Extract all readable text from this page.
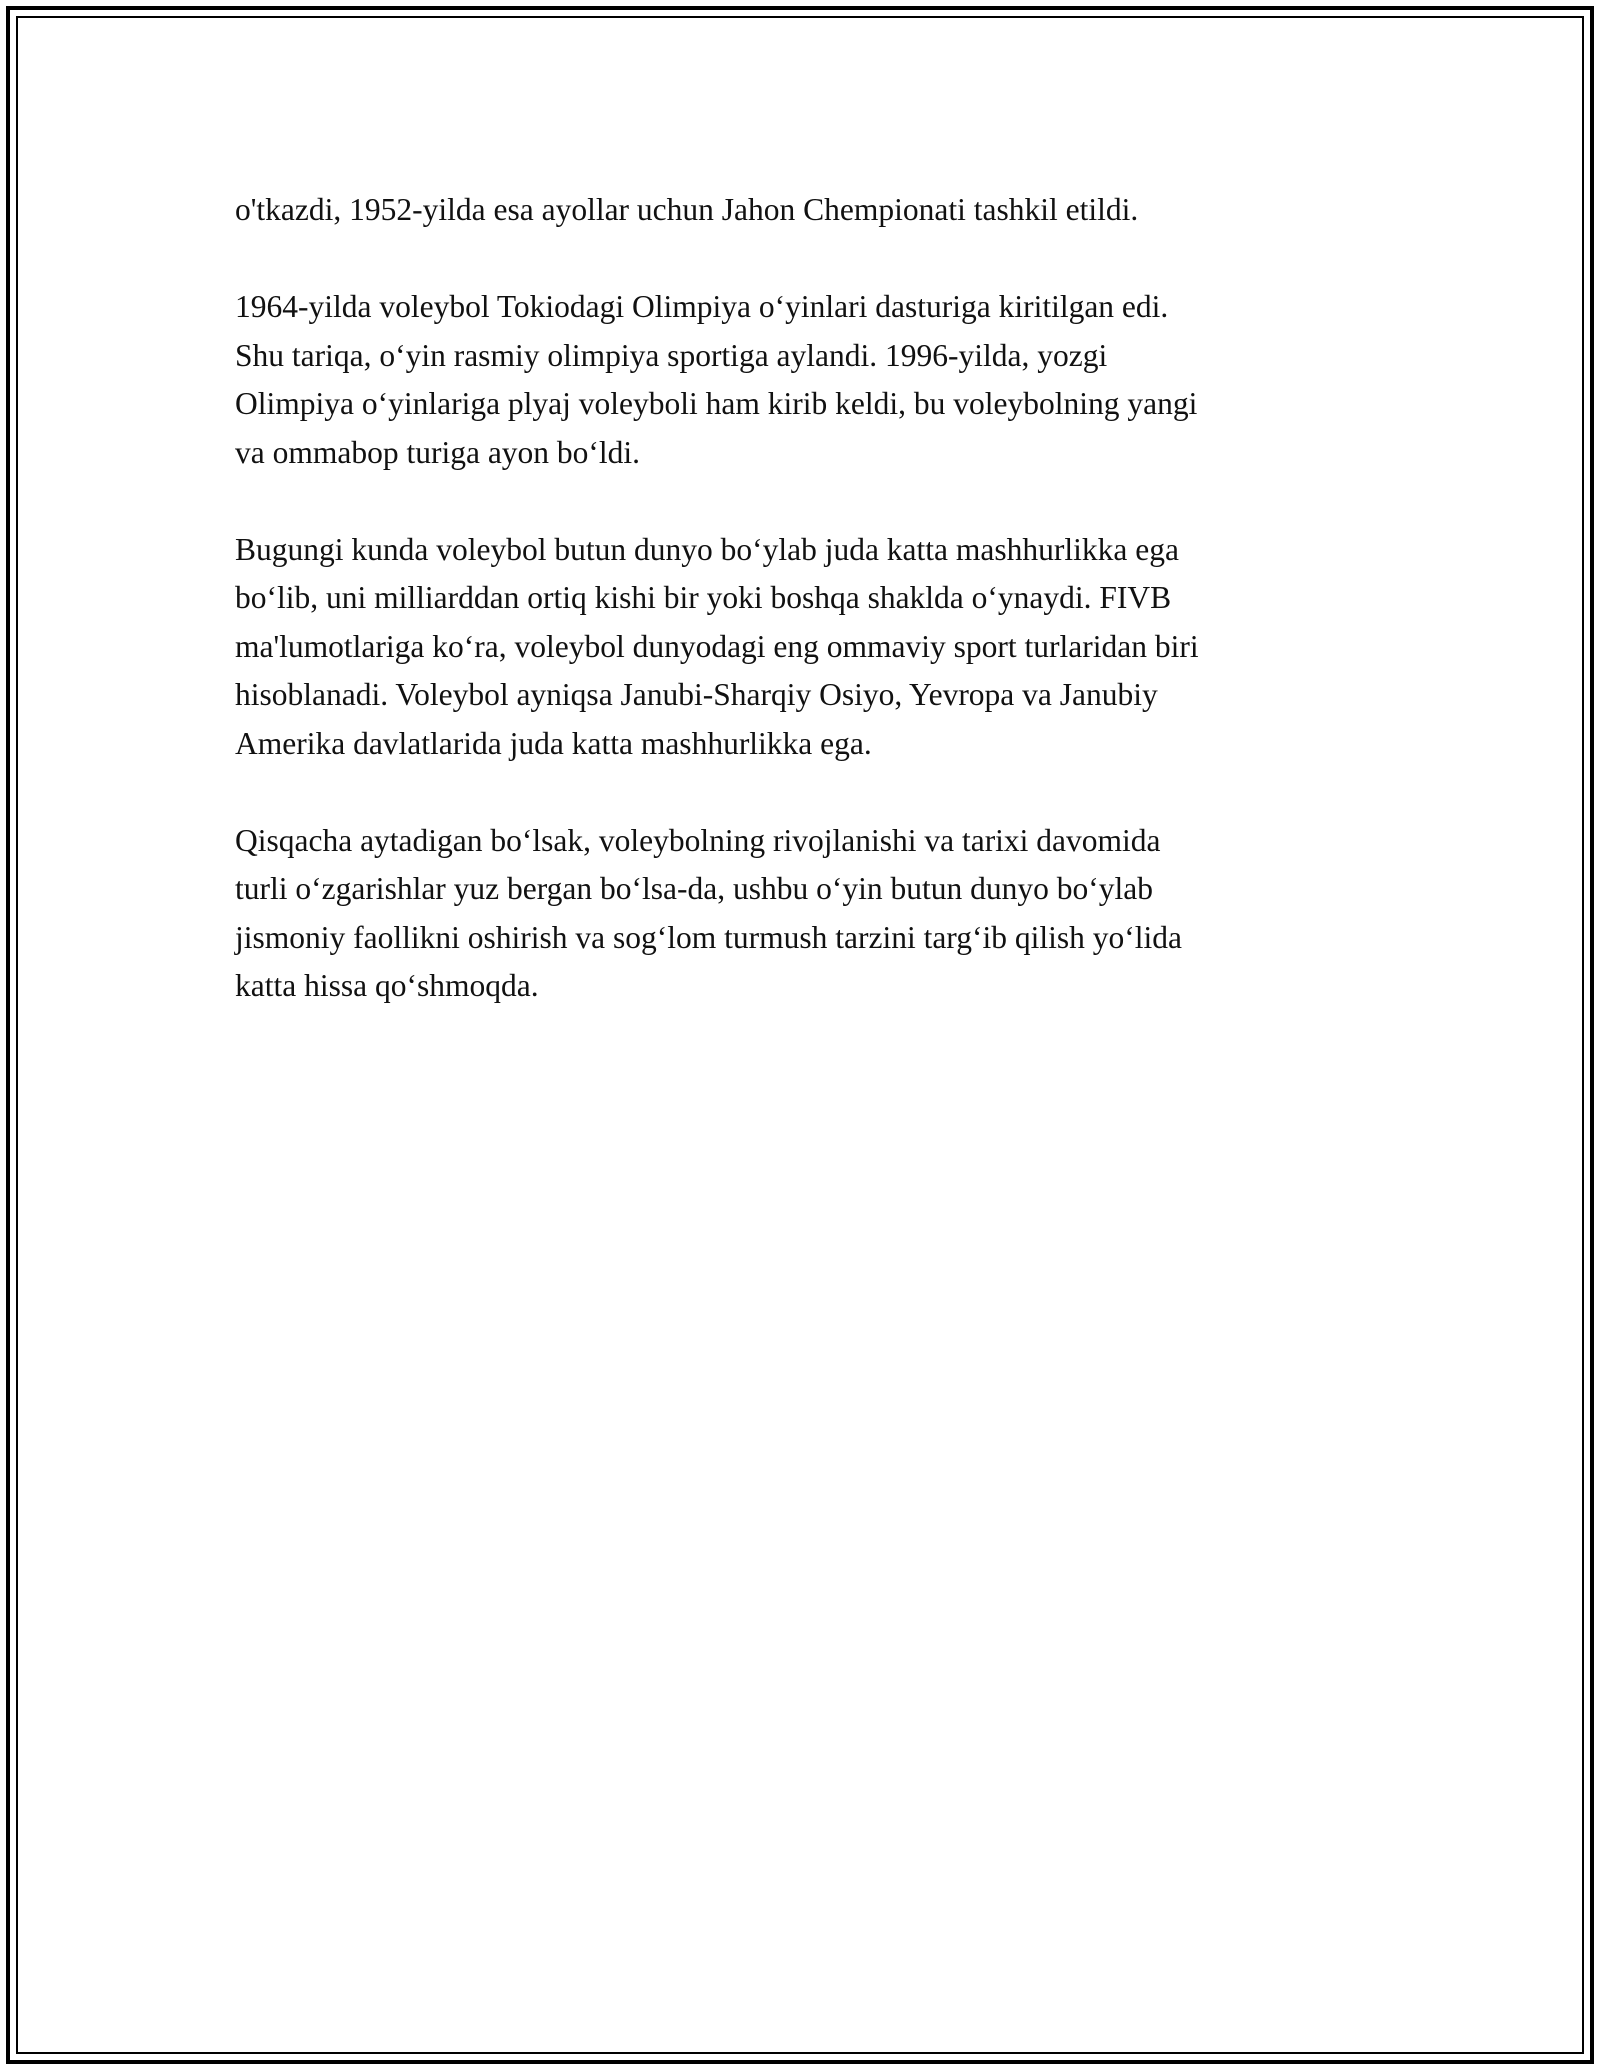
o'tkazdi, 1952-yilda esa ayollar uchun Jahon Chempionati tashkil etildi.

1964-yilda voleybol Tokiodagi Olimpiya o‘yinlari dasturiga kiritilgan edi.
Shu tariqa, o‘yin rasmiy olimpiya sportiga aylandi. 1996-yilda, yozgi
Olimpiya o‘yinlariga plyaj voleyboli ham kirib keldi, bu voleybolning yangi
va ommabop turiga ayon bo‘ldi.

Bugungi kunda voleybol butun dunyo bo‘ylab juda katta mashhurlikka ega
bo‘lib, uni milliarddan ortiq kishi bir yoki boshqa shaklda o‘ynaydi. FIVB
ma'lumotlariga ko‘ra, voleybol dunyodagi eng ommaviy sport turlaridan biri
hisoblanadi. Voleybol ayniqsa Janubi-Sharqiy Osiyo, Yevropa va Janubiy
Amerika davlatlarida juda katta mashhurlikka ega.

Qisqacha aytadigan bo‘lsak, voleybolning rivojlanishi va tarixi davomida
turli o‘zgarishlar yuz bergan bo‘lsa-da, ushbu o‘yin butun dunyo bo‘ylab
jismoniy faollikni oshirish va sog‘lom turmush tarzini targ‘ib qilish yo‘lida
katta hissa qo‘shmoqda.
